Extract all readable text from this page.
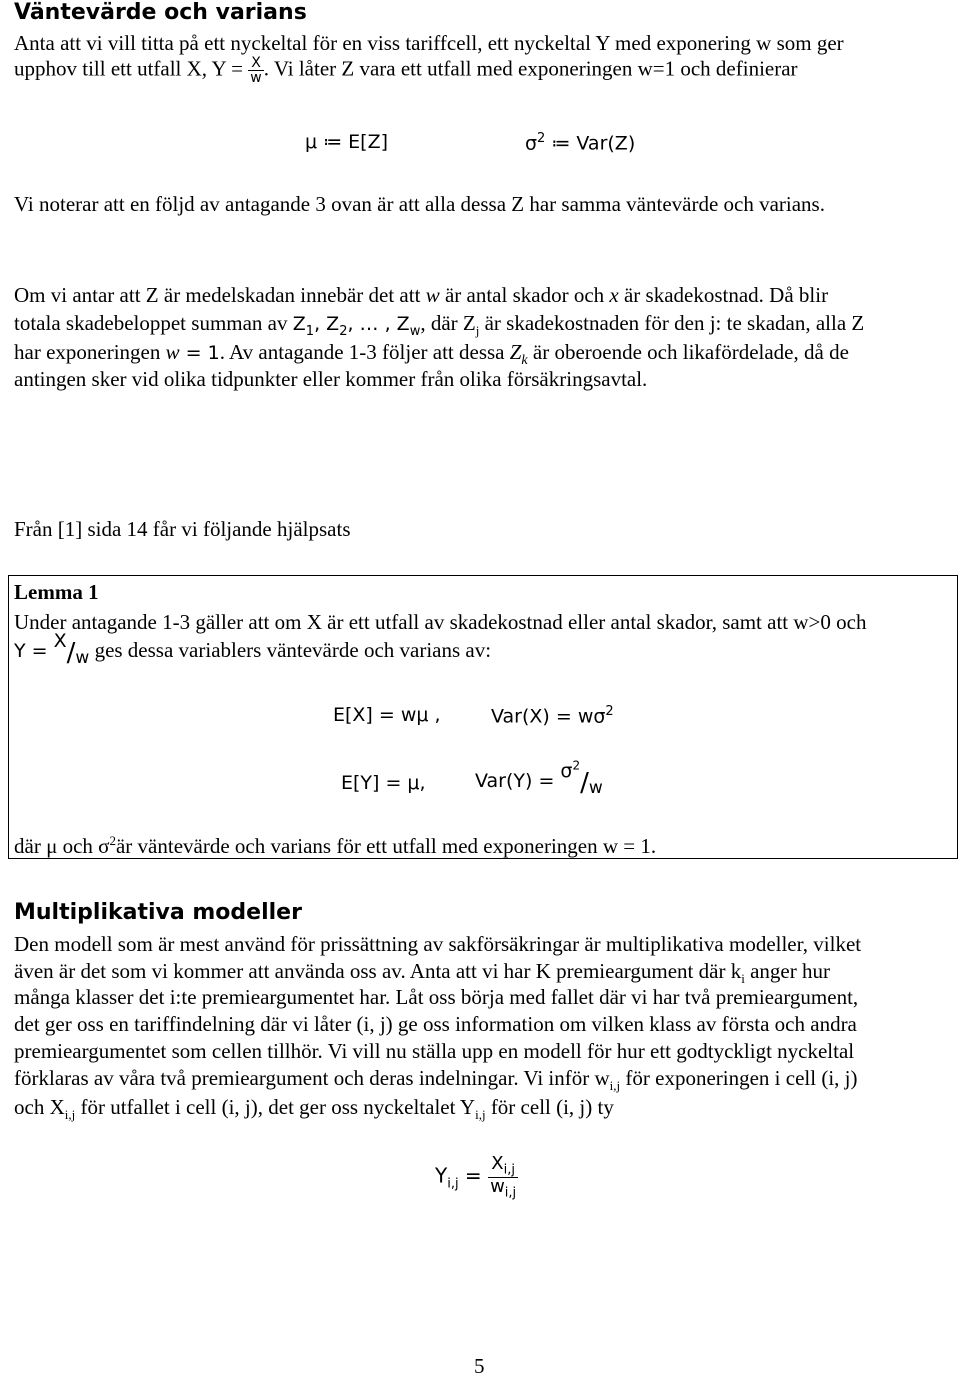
Väntevärde och varians
Anta att vi vill titta på ett nyckeltal för en viss tariffcell, ett nyckeltal Y med exponering w som ger
upphov till ett utfall X, $Y = \frac{X}{w}$ . Vi låter Z vara ett utfall med exponeringen w=1 och definierar
μ ≔ E[Z]	$\sigma^2$ ≔ Var(Z)
Vi noterar att en följd av antagande 3 ovan är att alla dessa Z har samma väntevärde och varians.
Om vi antar att Z är medelskadan innebär det att w är antal skador och x är skadekostnad. Då blir
totala skadebeloppet summan av $Z_1$, $Z_2$, … , $Z_w$, där $Z_j$ är skadekostnaden för den j: te skadan, alla Z
har exponeringen w = 1. Av antagande 1-3 följer att dessa $Z_k$ är oberoende och likafördelade, då de
antingen sker vid olika tidpunkter eller kommer från olika försäkringsavtal.
Från [1] sida 14 får vi följande hjälpsats
Lemma 1
Under antagande 1-3 gäller att om X är ett utfall av skadekostnad eller antal skador, samt att w>0 och
Y = X/w ges dessa variablers väntevärde och varians av:
E[X] = wμ ,	$Var(X) = w\sigma^2$
E[Y] = μ,	$Var(Y) = \sigma^2/w$
där μ och $\sigma^2är$ väntevärde och varians för ett utfall med exponeringen w = 1.
Multiplikativa modeller
Den modell som är mest använd för prissättning av sakförsäkringar är multiplikativa modeller, vilket
även är det som vi kommer att använda oss av. Anta att vi har K premieargument där $k_i$ anger hur
många klasser det i:te premieargumentet har. Låt oss börja med fallet där vi har två premieargument,
det ger oss en tariffindelning där vi låter (i, j) ge oss information om vilken klass av första och andra
premieargumentet som cellen tillhör. Vi vill nu ställa upp en modell för hur ett godtyckligt nyckeltal
förklaras av våra två premieargument och deras indelningar. Vi inför $w_{i,j}$ för exponeringen i cell (i, j)
och $X_{i,j}$ för utfallet i cell (i, j), det ger oss nyckeltalet $Y_{i,j}$ för cell (i, j) ty
$Y_{i,j} = \frac{X_{i,j}}{w_{i,j}}$
5
